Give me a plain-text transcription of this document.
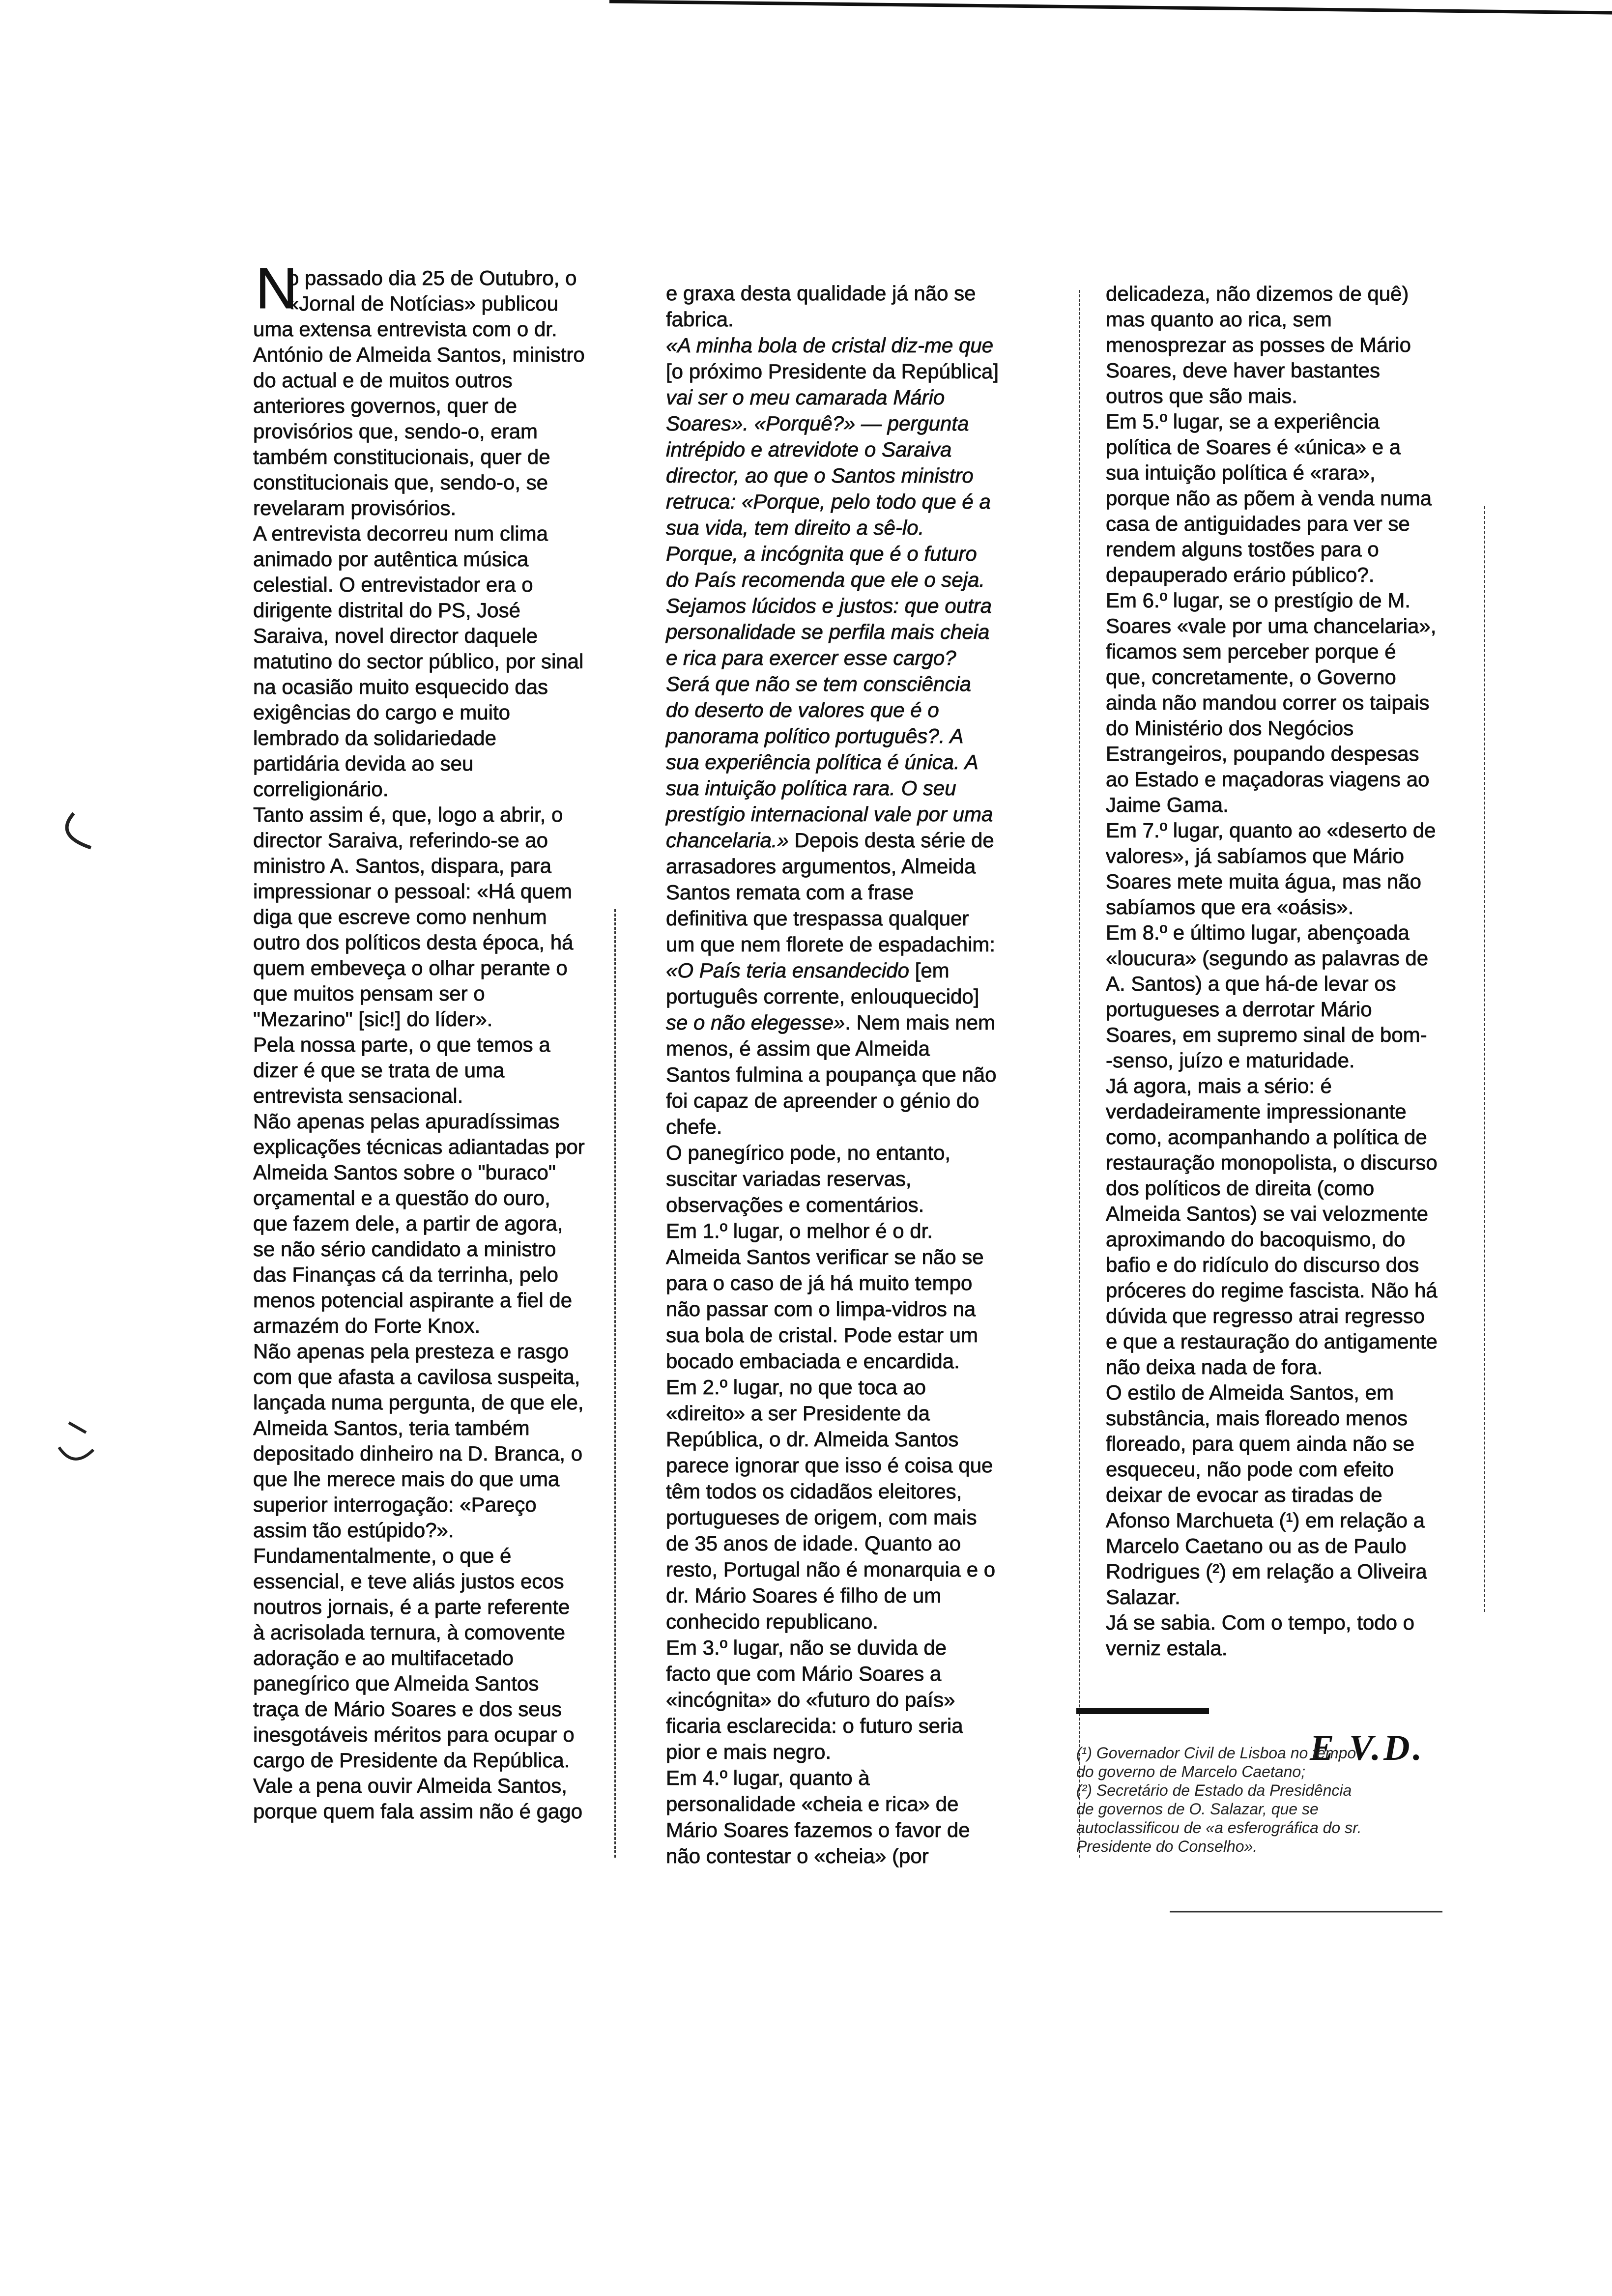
N
o passado dia 25 de Outubro, o
«Jornal de Notícias» publicou
uma extensa entrevista com o dr.
António de Almeida Santos, ministro
do actual e de muitos outros
anteriores governos, quer de
provisórios que, sendo-o, eram
também constitucionais, quer de
constitucionais que, sendo-o, se
revelaram provisórios.
A entrevista decorreu num clima
animado por autêntica música
celestial. O entrevistador era o
dirigente distrital do PS, José
Saraiva, novel director daquele
matutino do sector público, por sinal
na ocasião muito esquecido das
exigências do cargo e muito
lembrado da solidariedade
partidária devida ao seu
correligionário.
Tanto assim é, que, logo a abrir, o
director Saraiva, referindo-se ao
ministro A. Santos, dispara, para
impressionar o pessoal: «Há quem
diga que escreve como nenhum
outro dos políticos desta época, há
quem embeveça o olhar perante o
que muitos pensam ser o
"Mezarino" [sic!] do líder».
Pela nossa parte, o que temos a
dizer é que se trata de uma
entrevista sensacional.
Não apenas pelas apuradíssimas
explicações técnicas adiantadas por
Almeida Santos sobre o "buraco"
orçamental e a questão do ouro,
que fazem dele, a partir de agora,
se não sério candidato a ministro
das Finanças cá da terrinha, pelo
menos potencial aspirante a fiel de
armazém do Forte Knox.
Não apenas pela presteza e rasgo
com que afasta a cavilosa suspeita,
lançada numa pergunta, de que ele,
Almeida Santos, teria também
depositado dinheiro na D. Branca, o
que lhe merece mais do que uma
superior interrogação: «Pareço
assim tão estúpido?».
Fundamentalmente, o que é
essencial, e teve aliás justos ecos
noutros jornais, é a parte referente
à acrisolada ternura, à comovente
adoração e ao multifacetado
panegírico que Almeida Santos
traça de Mário Soares e dos seus
inesgotáveis méritos para ocupar o
cargo de Presidente da República.
Vale a pena ouvir Almeida Santos,
porque quem fala assim não é gago
e graxa desta qualidade já não se
fabrica.
«A minha bola de cristal diz-me que
[o próximo Presidente da República]
vai ser o meu camarada Mário
Soares». «Porquê?» — pergunta
intrépido e atrevidote o Saraiva
director, ao que o Santos ministro
retruca: «Porque, pelo todo que é a
sua vida, tem direito a sê-lo.
Porque, a incógnita que é o futuro
do País recomenda que ele o seja.
Sejamos lúcidos e justos: que outra
personalidade se perfila mais cheia
e rica para exercer esse cargo?
Será que não se tem consciência
do deserto de valores que é o
panorama político português?. A
sua experiência política é única. A
sua intuição política rara. O seu
prestígio internacional vale por uma
chancelaria.» Depois desta série de
arrasadores argumentos, Almeida
Santos remata com a frase
definitiva que trespassa qualquer
um que nem florete de espadachim:
«O País teria ensandecido [em
português corrente, enlouquecido]
se o não elegesse». Nem mais nem
menos, é assim que Almeida
Santos fulmina a poupança que não
foi capaz de apreender o génio do
chefe.
O panegírico pode, no entanto,
suscitar variadas reservas,
observações e comentários.
Em 1.º lugar, o melhor é o dr.
Almeida Santos verificar se não se
para o caso de já há muito tempo
não passar com o limpa-vidros na
sua bola de cristal. Pode estar um
bocado embaciada e encardida.
Em 2.º lugar, no que toca ao
«direito» a ser Presidente da
República, o dr. Almeida Santos
parece ignorar que isso é coisa que
têm todos os cidadãos eleitores,
portugueses de origem, com mais
de 35 anos de idade. Quanto ao
resto, Portugal não é monarquia e o
dr. Mário Soares é filho de um
conhecido republicano.
Em 3.º lugar, não se duvida de
facto que com Mário Soares a
«incógnita» do «futuro do país»
ficaria esclarecida: o futuro seria
pior e mais negro.
Em 4.º lugar, quanto à
personalidade «cheia e rica» de
Mário Soares fazemos o favor de
não contestar o «cheia» (por
delicadeza, não dizemos de quê)
mas quanto ao rica, sem
menosprezar as posses de Mário
Soares, deve haver bastantes
outros que são mais.
Em 5.º lugar, se a experiência
política de Soares é «única» e a
sua intuição política é «rara»,
porque não as põem à venda numa
casa de antiguidades para ver se
rendem alguns tostões para o
depauperado erário público?.
Em 6.º lugar, se o prestígio de M.
Soares «vale por uma chancelaria»,
ficamos sem perceber porque é
que, concretamente, o Governo
ainda não mandou correr os taipais
do Ministério dos Negócios
Estrangeiros, poupando despesas
ao Estado e maçadoras viagens ao
Jaime Gama.
Em 7.º lugar, quanto ao «deserto de
valores», já sabíamos que Mário
Soares mete muita água, mas não
sabíamos que era «oásis».
Em 8.º e último lugar, abençoada
«loucura» (segundo as palavras de
A. Santos) a que há-de levar os
portugueses a derrotar Mário
Soares, em supremo sinal de bom-
-senso, juízo e maturidade.
Já agora, mais a sério: é
verdadeiramente impressionante
como, acompanhando a política de
restauração monopolista, o discurso
dos políticos de direita (como
Almeida Santos) se vai velozmente
aproximando do bacoquismo, do
bafio e do ridículo do discurso dos
próceres do regime fascista. Não há
dúvida que regresso atrai regresso
e que a restauração do antigamente
não deixa nada de fora.
O estilo de Almeida Santos, em
substância, mais floreado menos
floreado, para quem ainda não se
esqueceu, não pode com efeito
deixar de evocar as tiradas de
Afonso Marchueta (¹) em relação a
Marcelo Caetano ou as de Paulo
Rodrigues (²) em relação a Oliveira
Salazar.
Já se sabia. Com o tempo, todo o
verniz estala.
E V.D.
(¹) Governador Civil de Lisboa no tempo
do governo de Marcelo Caetano;
(²) Secretário de Estado da Presidência
de governos de O. Salazar, que se
autoclassificou de «a esferográfica do sr.
Presidente do Conselho».
